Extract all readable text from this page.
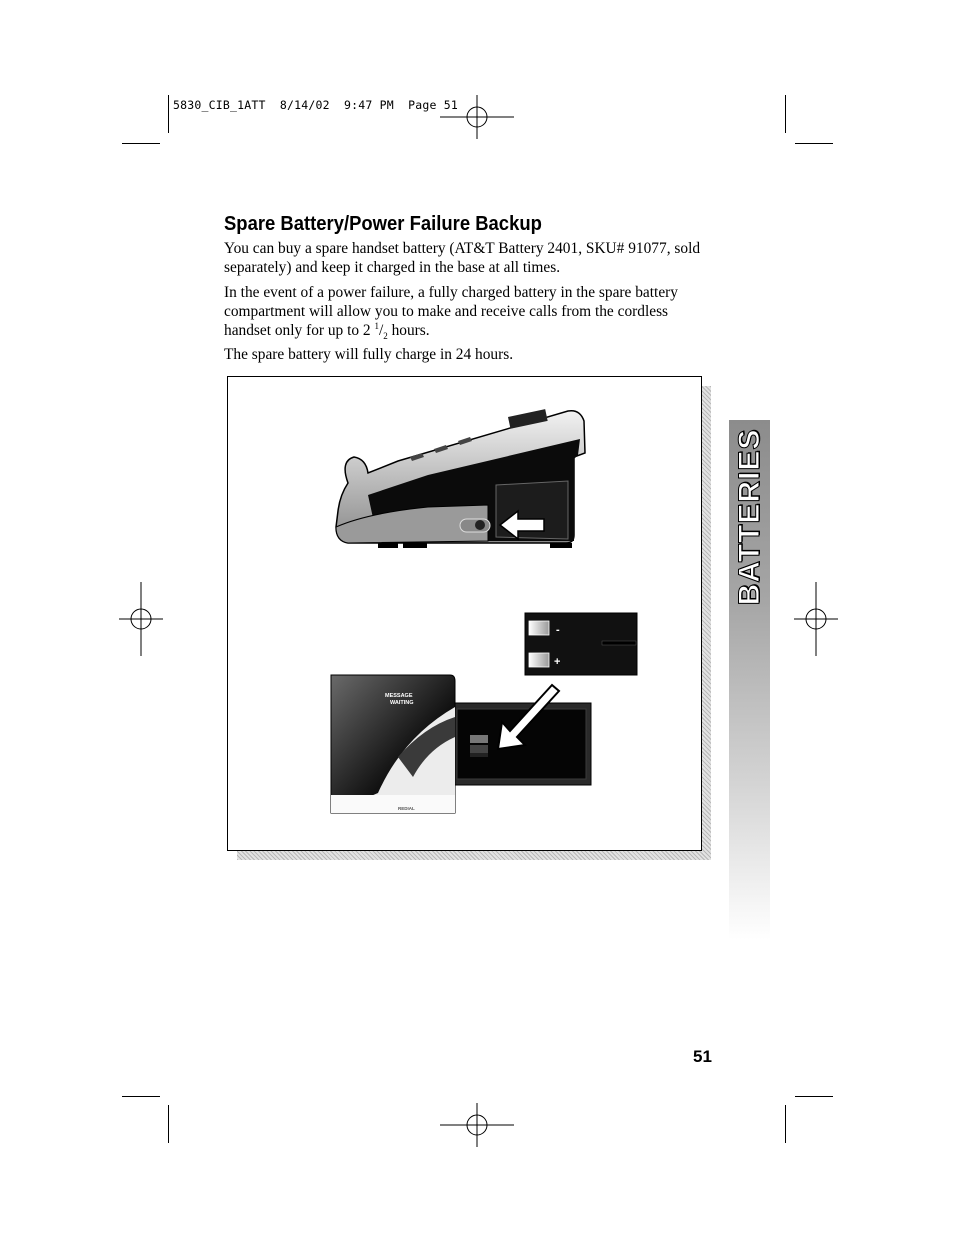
5830_CIB_1ATT  8/14/02  9:47 PM  Page 51
Spare Battery/Power Failure Backup
You can buy a spare handset battery (AT&T Battery 2401, SKU# 91077, sold separately) and keep it charged in the base at all times.
In the event of a power failure, a fully charged battery in the spare battery compartment will allow you to make and receive calls from the cordless handset only for up to 2 $^1/_2$ hours.
The spare battery will fully charge in 24 hours.
-
+
MESSAGE
WAITING
REDIAL
BATTERIES
51
